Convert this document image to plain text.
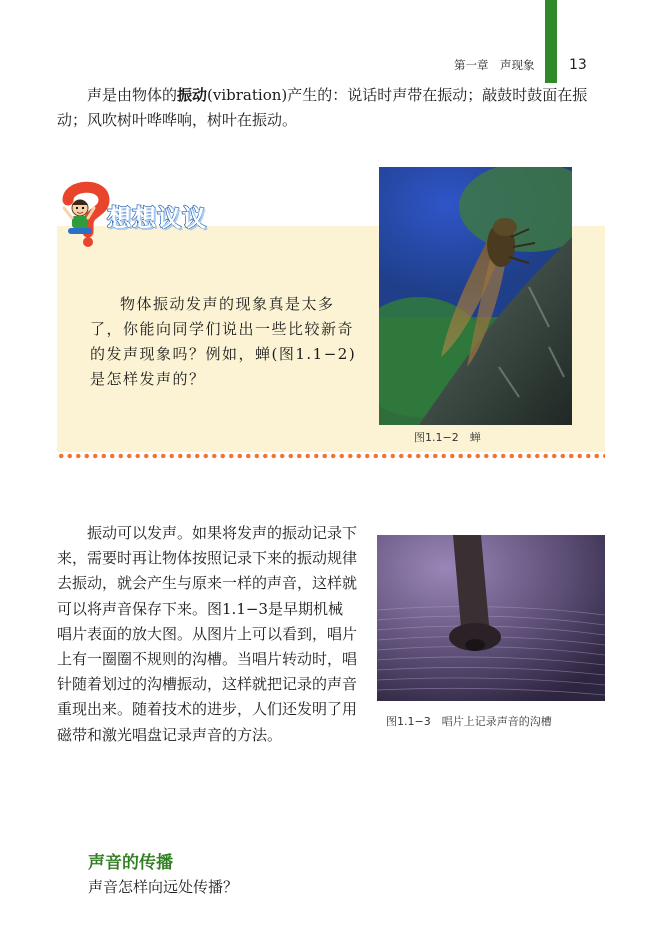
第一章　声现象 13

声是由物体的振动(vibration)产生的：说话时声带在振动；敲鼓时鼓面在振动；风吹树叶哗哗响，树叶在振动。

想想议议

物体振动发声的现象真是太多了，你能向同学们说出一些比较新奇的发声现象吗？例如，蝉(图1.1−2)是怎样发声的？

图1.1−2　蝉

振动可以发声。如果将发声的振动记录下来，需要时再让物体按照记录下来的振动规律去振动，就会产生与原来一样的声音，这样就可以将声音保存下来。图1.1−3是早期机械唱片表面的放大图。从图片上可以看到，唱片上有一圈圈不规则的沟槽。当唱片转动时，唱针随着划过的沟槽振动，这样就把记录的声音重现出来。随着技术的进步，人们还发明了用磁带和激光唱盘记录声音的方法。

图1.1−3　唱片上记录声音的沟槽
声音的传播
声音怎样向远处传播？
